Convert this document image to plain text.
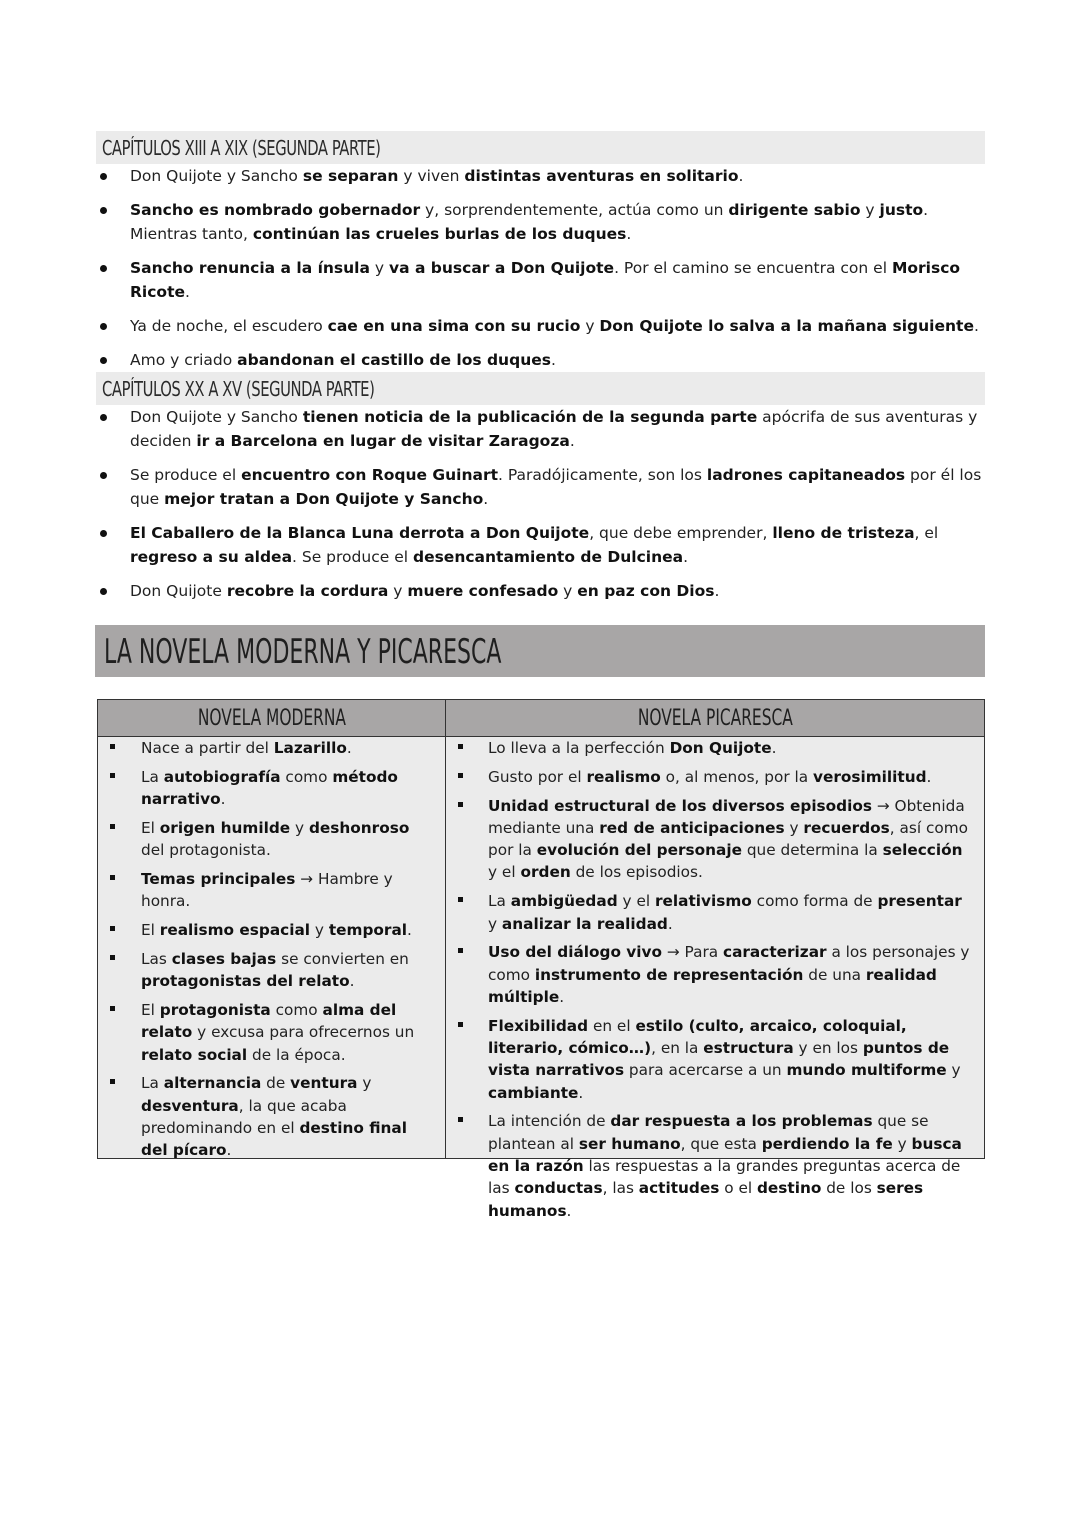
CAPÍTULOS XIII A XIX (SEGUNDA PARTE)
Don Quijote y Sancho se separan y viven distintas aventuras en solitario.
Sancho es nombrado gobernador y, sorprendentemente, actúa como un dirigente sabio y justo. Mientras tanto, continúan las crueles burlas de los duques.
Sancho renuncia a la ínsula y va a buscar a Don Quijote. Por el camino se encuentra con el Morisco Ricote.
Ya de noche, el escudero cae en una sima con su rucio y Don Quijote lo salva a la mañana siguiente.
Amo y criado abandonan el castillo de los duques.
CAPÍTULOS XX A XV (SEGUNDA PARTE)
Don Quijote y Sancho tienen noticia de la publicación de la segunda parte apócrifa de sus aventuras y deciden ir a Barcelona en lugar de visitar Zaragoza.
Se produce el encuentro con Roque Guinart. Paradójicamente, son los ladrones capitaneados por él los que mejor tratan a Don Quijote y Sancho.
El Caballero de la Blanca Luna derrota a Don Quijote, que debe emprender, lleno de tristeza, el regreso a su aldea. Se produce el desencantamiento de Dulcinea.
Don Quijote recobre la cordura y muere confesado y en paz con Dios.
LA NOVELA MODERNA Y PICARESCA
NOVELA MODERNA
Nace a partir del Lazarillo.
La autobiografía como método narrativo.
El origen humilde y deshonroso del protagonista.
Temas principales → Hambre y honra.
El realismo espacial y temporal.
Las clases bajas se convierten en protagonistas del relato.
El protagonista como alma del relato y excusa para ofrecernos un relato social de la época.
La alternancia de ventura y desventura, la que acaba predominando en el destino final del pícaro.
NOVELA PICARESCA
Lo lleva a la perfección Don Quijote.
Gusto por el realismo o, al menos, por la verosimilitud.
Unidad estructural de los diversos episodios → Obtenida mediante una red de anticipaciones y recuerdos, así como por la evolución del personaje que determina la selección y el orden de los episodios.
La ambigüedad y el relativismo como forma de presentar y analizar la realidad.
Uso del diálogo vivo → Para caracterizar a los personajes y como instrumento de representación de una realidad múltiple.
Flexibilidad en el estilo (culto, arcaico, coloquial, literario, cómico…), en la estructura y en los puntos de vista narrativos para acercarse a un mundo multiforme y cambiante.
La intención de dar respuesta a los problemas que se plantean al ser humano, que esta perdiendo la fe y busca en la razón las respuestas a la grandes preguntas acerca de las conductas, las actitudes o el destino de los seres humanos.
